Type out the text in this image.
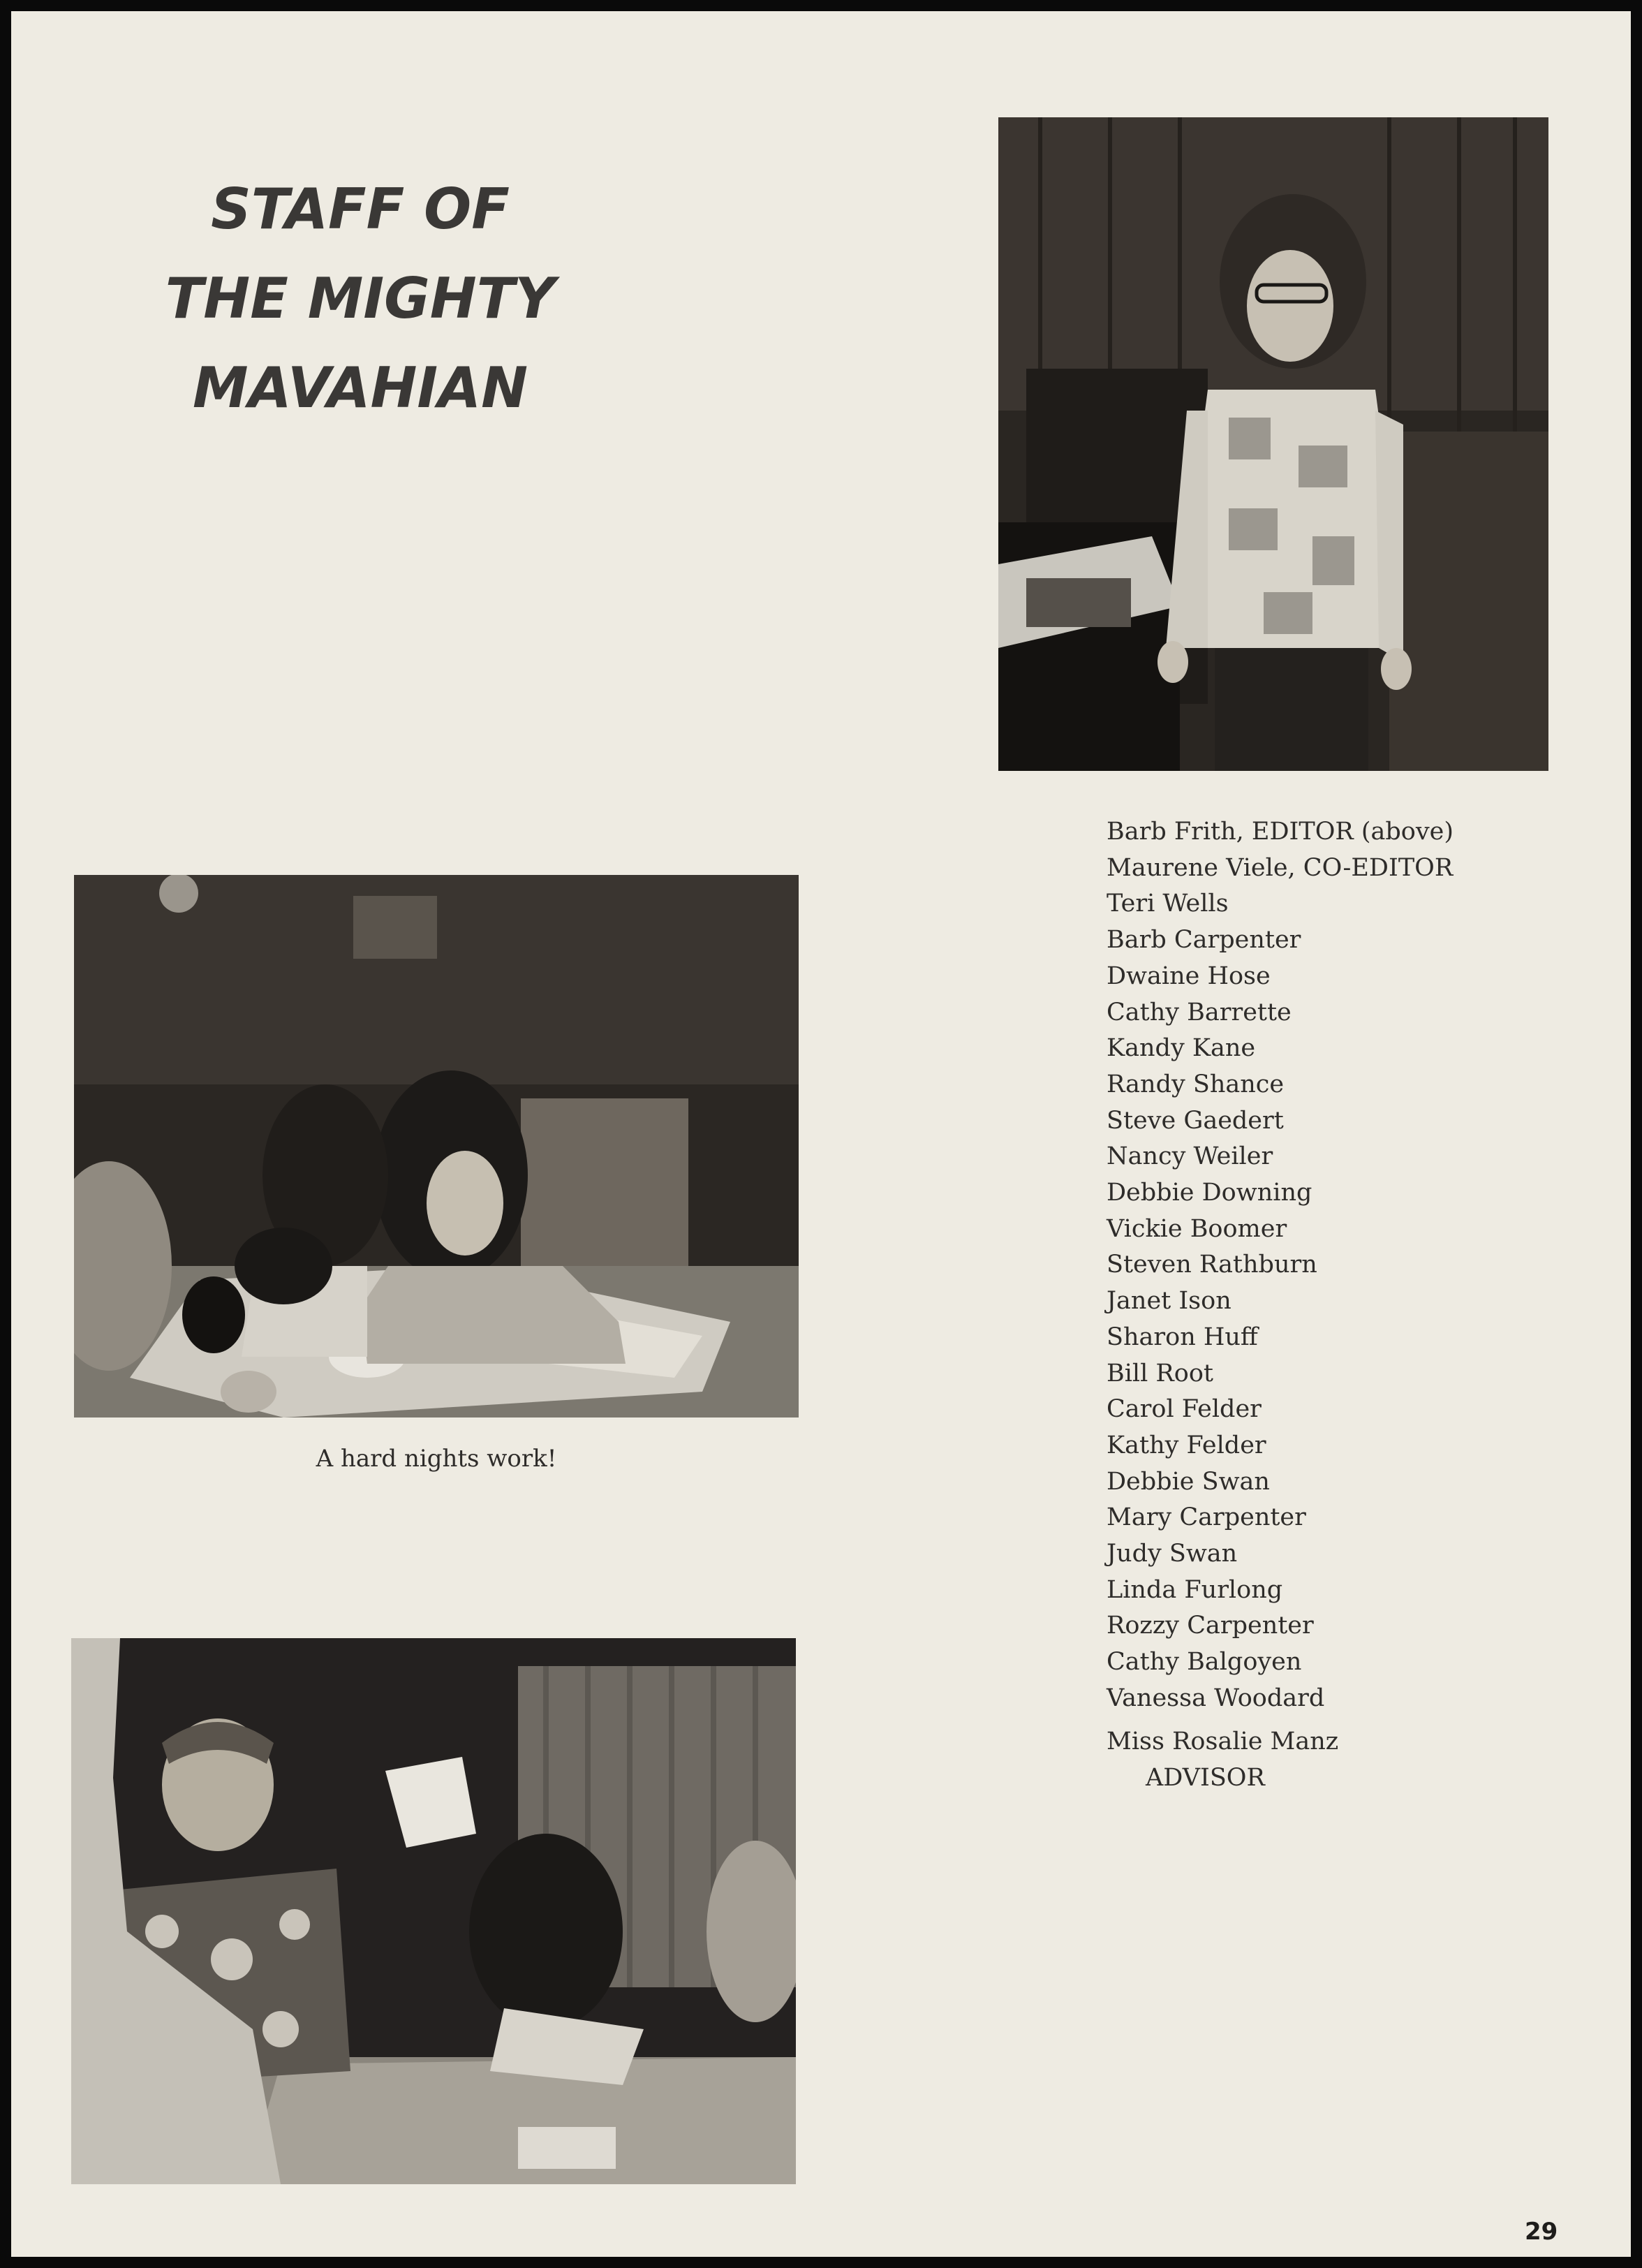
STAFF OF
THE MIGHTY
MAVAHIAN

A hard nights work!

Barb Frith, EDITOR (above)
Maurene Viele, CO-EDITOR
Teri Wells
Barb Carpenter
Dwaine Hose
Cathy Barrette
Kandy Kane
Randy Shance
Steve Gaedert
Nancy Weiler
Debbie Downing
Vickie Boomer
Steven Rathburn
Janet Ison
Sharon Huff
Bill Root
Carol Felder
Kathy Felder
Debbie Swan
Mary Carpenter
Judy Swan
Linda Furlong
Rozzy Carpenter
Cathy Balgoyen
Vanessa Woodard
Miss Rosalie Manz
ADVISOR
29
